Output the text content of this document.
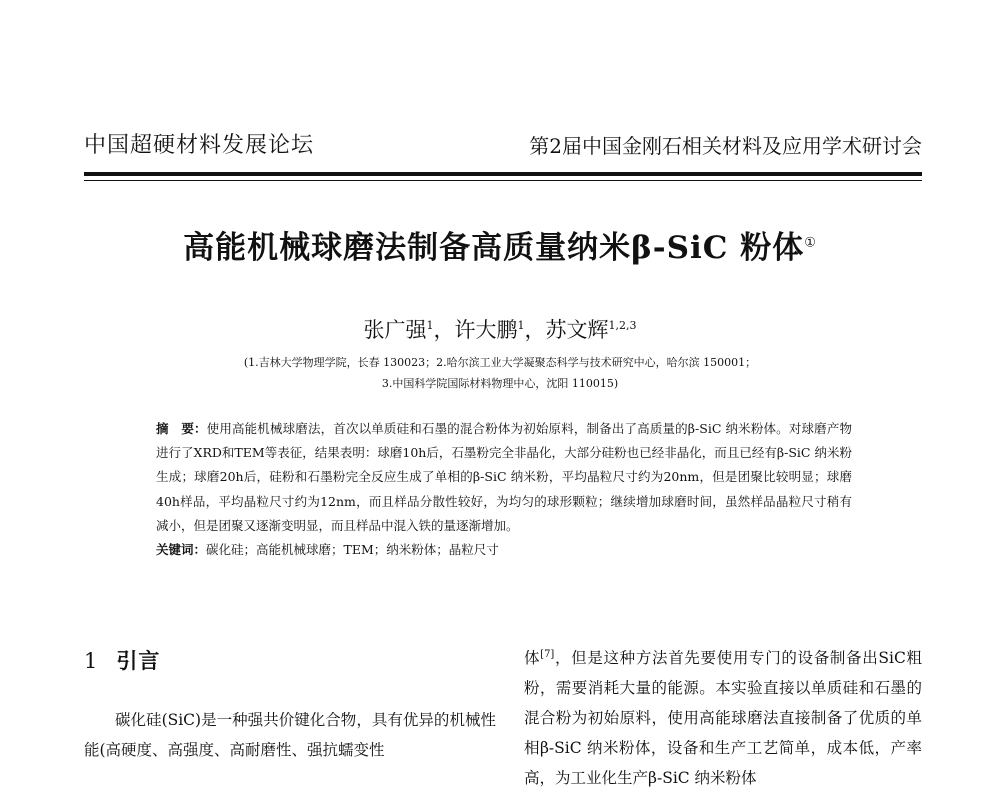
中国超硬材料发展论坛	第2届中国金刚石相关材料及应用学术研讨会
高能机械球磨法制备高质量纳米β-SiC 粉体①
张广强$^1$，许大鹏$^1$，苏文辉$^{1,2,3}$
(1.吉林大学物理学院，长春 130023；2.哈尔滨工业大学凝聚态科学与技术研究中心，哈尔滨 150001；
3.中国科学院国际材料物理中心，沈阳 110015)
摘　要：使用高能机械球磨法，首次以单质硅和石墨的混合粉体为初始原料，制备出了高质量的β-SiC 纳米粉体。对球磨产物进行了XRD和TEM等表征，结果表明：球磨10h后，石墨粉完全非晶化，大部分硅粉也已经非晶化，而且已经有β-SiC 纳米粉生成；球磨20h后，硅粉和石墨粉完全反应生成了单相的β-SiC 纳米粉，平均晶粒尺寸约为20nm，但是团聚比较明显；球磨40h样品，平均晶粒尺寸约为12nm，而且样品分散性较好，为均匀的球形颗粒；继续增加球磨时间，虽然样品晶粒尺寸稍有减小，但是团聚又逐渐变明显，而且样品中混入铁的量逐渐增加。
关键词：碳化硅；高能机械球磨；TEM；纳米粉体；晶粒尺寸
1 引言
碳化硅(SiC)是一种强共价键化合物，具有优异的机械性能(高硬度、高强度、高耐磨性、强抗蠕变性
体[7]，但是这种方法首先要使用专门的设备制备出SiC粗粉，需要消耗大量的能源。本实验直接以单质硅和石墨的混合粉为初始原料，使用高能球磨法直接制备了优质的单相β-SiC 纳米粉体，设备和生产工艺简单，成本低，产率高，为工业化生产β-SiC 纳米粉体
